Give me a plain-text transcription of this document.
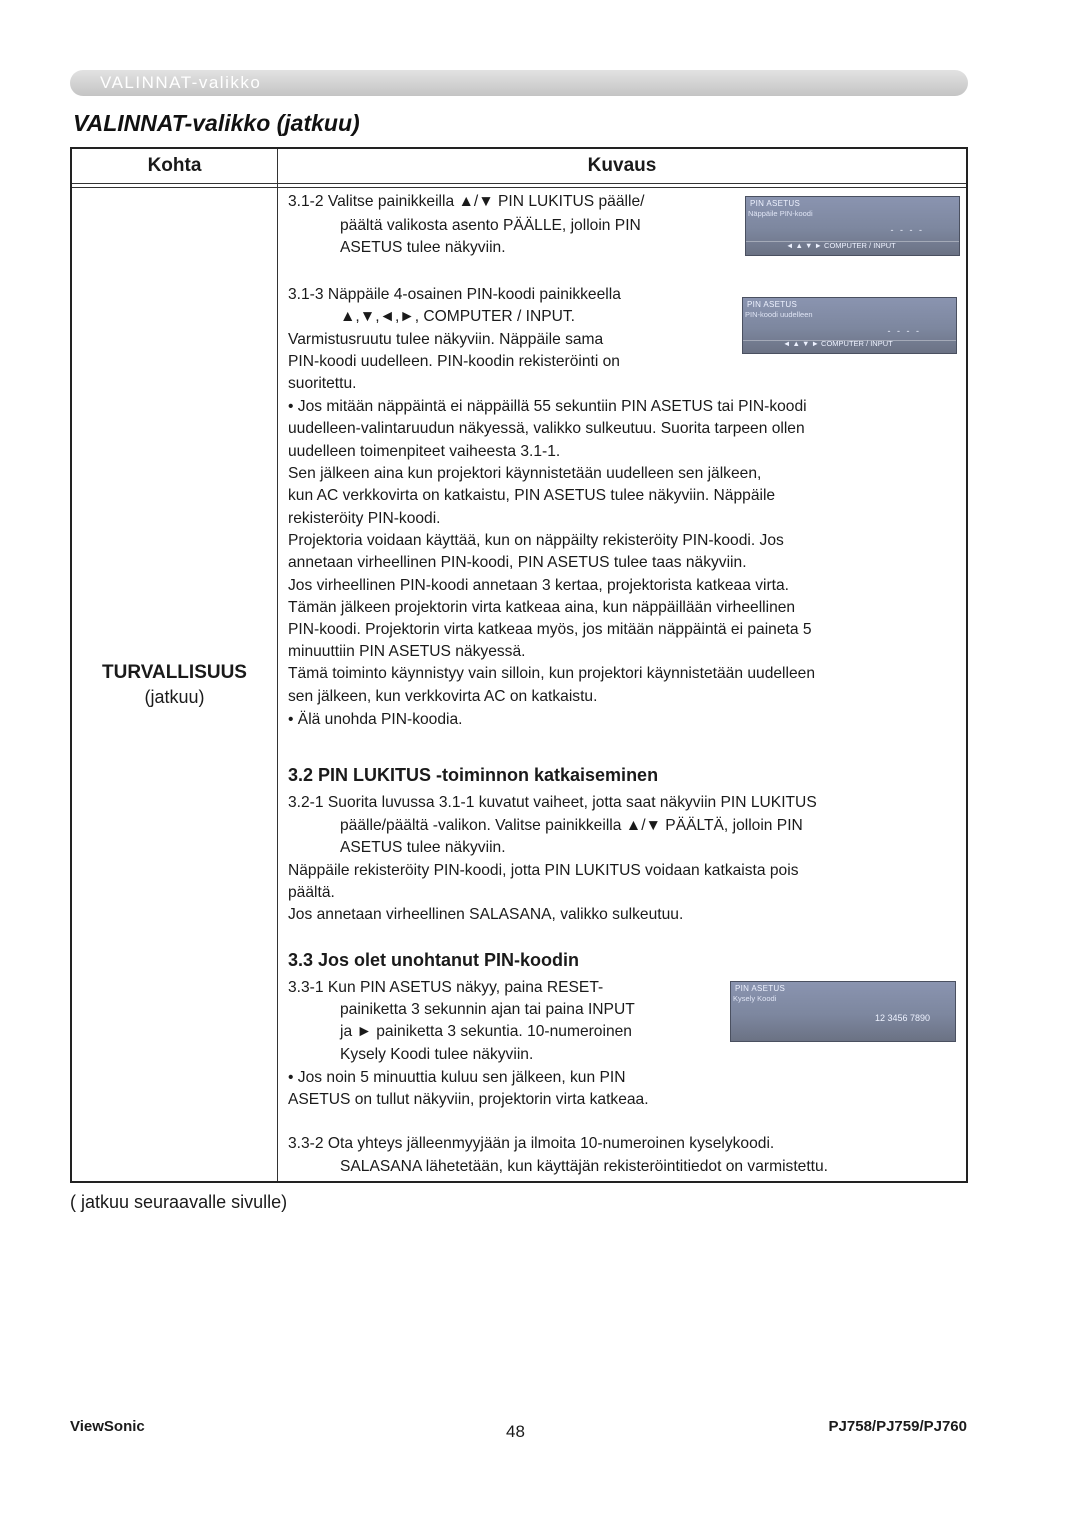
VALINNAT-valikko
VALINNAT-valikko (jatkuu)
Kohta	Kuvaus
TURVALLISUUS
(jatkuu)

3.1-2 Valitse painikkeilla ▲/▼ PIN LUKITUS päälle/

päältä valikosta asento PÄÄLLE, jolloin PIN

ASETUS tulee näkyviin.

3.1-3 Näppäile 4-osainen PIN-koodi painikkeella

▲,▼,◄,►, COMPUTER / INPUT.

Varmistusruutu tulee näkyviin. Näppäile sama

PIN-koodi uudelleen. PIN-koodin rekisteröinti on

suoritettu.

• Jos mitään näppäintä ei näppäillä 55 sekuntiin PIN ASETUS tai PIN-koodi

uudelleen-valintaruudun näkyessä, valikko sulkeutuu. Suorita tarpeen ollen

uudelleen toimenpiteet vaiheesta 3.1-1.

Sen jälkeen aina kun projektori käynnistetään uudelleen sen jälkeen,

kun AC verkkovirta on katkaistu, PIN ASETUS tulee näkyviin. Näppäile

rekisteröity PIN-koodi.

Projektoria voidaan käyttää, kun on näppäilty rekisteröity PIN-koodi. Jos

annetaan virheellinen PIN-koodi, PIN ASETUS tulee taas näkyviin.

Jos virheellinen PIN-koodi annetaan 3 kertaa, projektorista katkeaa virta.

Tämän jälkeen projektorin virta katkeaa aina, kun näppäillään virheellinen

PIN-koodi. Projektorin virta katkeaa myös, jos mitään näppäintä ei paineta 5

minuuttiin PIN ASETUS näkyessä.

Tämä toiminto käynnistyy vain silloin, kun projektori käynnistetään uudelleen

sen jälkeen, kun verkkovirta AC on katkaistu.

• Älä unohda PIN-koodia.

3.2 PIN LUKITUS -toiminnon katkaiseminen

3.2-1 Suorita luvussa 3.1-1 kuvatut vaiheet, jotta saat näkyviin PIN LUKITUS

päälle/päältä -valikon. Valitse painikkeilla ▲/▼ PÄÄLTÄ, jolloin PIN

ASETUS tulee näkyviin.

Näppäile rekisteröity PIN-koodi, jotta PIN LUKITUS voidaan katkaista pois

päältä.

Jos annetaan virheellinen SALASANA, valikko sulkeutuu.

3.3 Jos olet unohtanut PIN-koodin

3.3-1 Kun PIN ASETUS näkyy, paina RESET-

painiketta 3 sekunnin ajan tai paina INPUT

ja ► painiketta 3 sekuntia. 10-numeroinen

Kysely Koodi tulee näkyviin.

• Jos noin 5 minuuttia kuluu sen jälkeen, kun PIN

ASETUS on tullut näkyviin, projektorin virta katkeaa.

3.3-2 Ota yhteys jälleenmyyjään ja ilmoita 10-numeroinen kyselykoodi.

SALASANA lähetetään, kun käyttäjän rekisteröintitiedot on varmistettu.

PIN ASETUS
Näppäile PIN-koodi
- - - -
◄ ▲ ▼ ► COMPUTER / INPUT
PIN ASETUS
PIN-koodi uudelleen
- - - -
◄ ▲ ▼ ► COMPUTER / INPUT
PIN ASETUS
Kysely Koodi
12 3456 7890
( jatkuu seuraavalle sivulle)
ViewSonic	48	PJ758/PJ759/PJ760
